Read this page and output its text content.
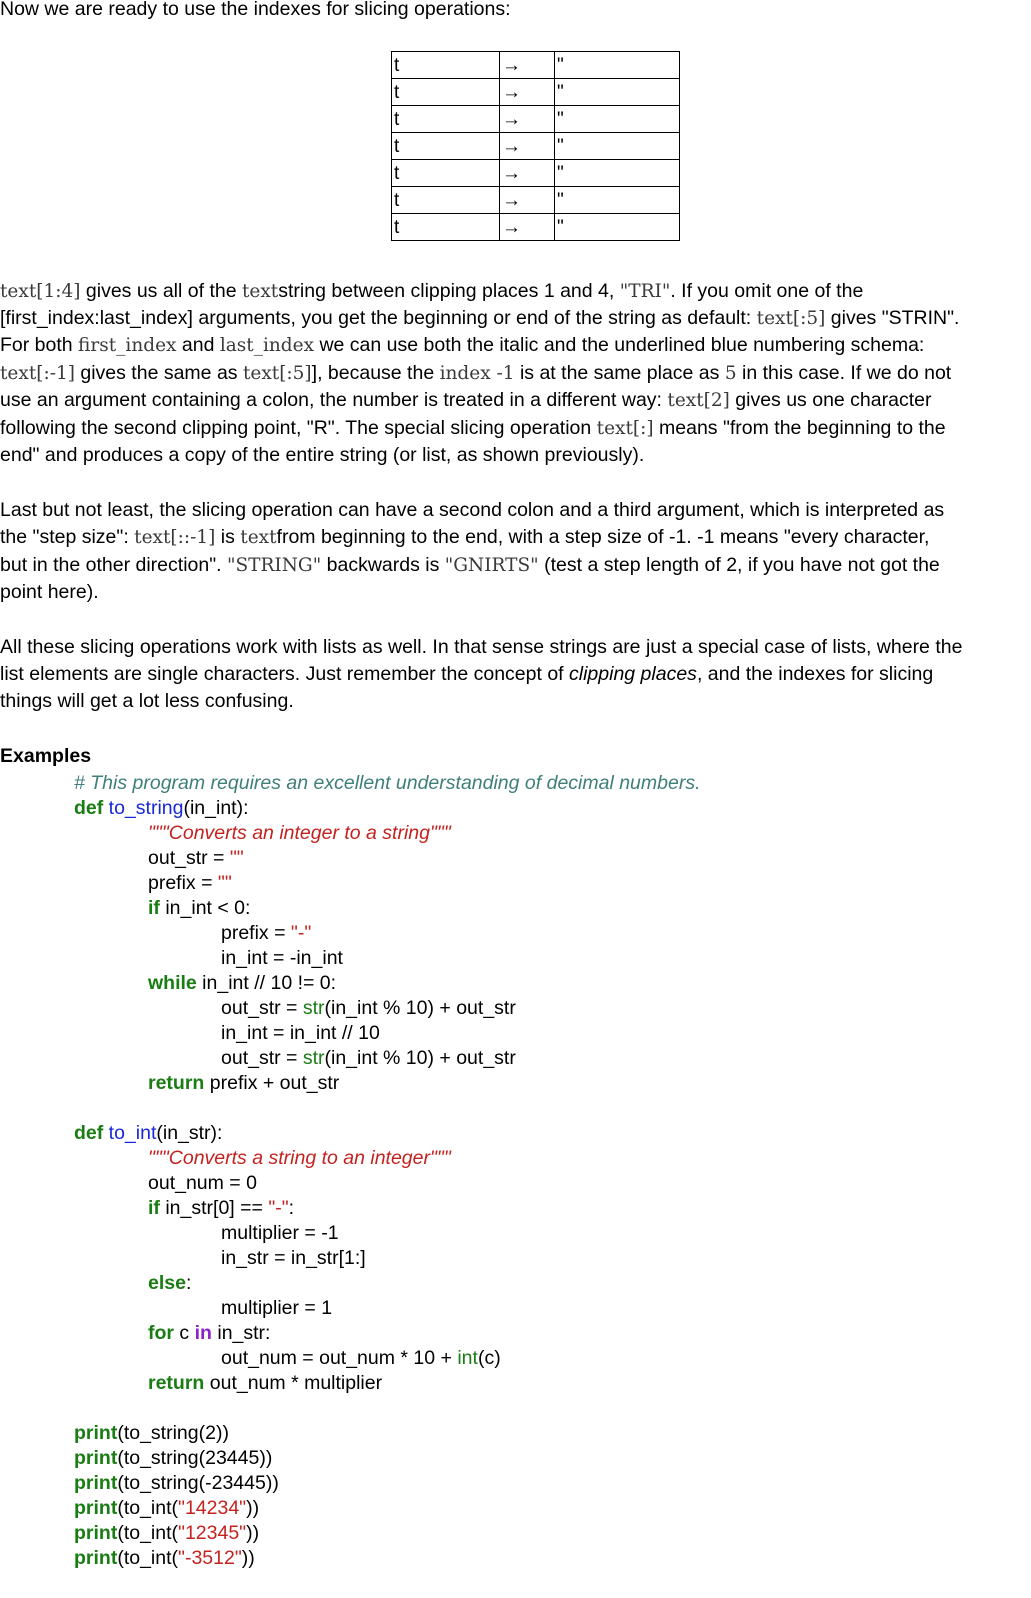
Now we are ready to use the indexes for slicing operations:
t	→	"
t	→	"
t	→	"
t	→	"
t	→	"
t	→	"
t	→	"
text[1:4] gives us all of the textstring between clipping places 1 and 4, "TRI". If you omit one of the
[first_index:last_index] arguments, you get the beginning or end of the string as default: text[:5] gives "STRIN".
For both first_index and last_index we can use both the italic and the underlined blue numbering schema:
text[:-1] gives the same as text[:5]], because the index -1 is at the same place as 5 in this case. If we do not
use an argument containing a colon, the number is treated in a different way: text[2] gives us one character
following the second clipping point, "R". The special slicing operation text[:] means "from the beginning to the
end" and produces a copy of the entire string (or list, as shown previously).
Last but not least, the slicing operation can have a second colon and a third argument, which is interpreted as
the "step size": text[::-1] is textfrom beginning to the end, with a step size of -1. -1 means "every character,
but in the other direction". "STRING" backwards is "GNIRTS" (test a step length of 2, if you have not got the
point here).
All these slicing operations work with lists as well. In that sense strings are just a special case of lists, where the
list elements are single characters. Just remember the concept of clipping places, and the indexes for slicing
things will get a lot less confusing.
Examples
# This program requires an excellent understanding of decimal numbers.
def to_string(in_int):
"""Converts an integer to a string"""
out_str = ""
prefix = ""
if in_int < 0:
prefix = "-"
in_int = -in_int
while in_int // 10 != 0:
out_str = str(in_int % 10) + out_str
in_int = in_int // 10
out_str = str(in_int % 10) + out_str
return prefix + out_str
def to_int(in_str):
"""Converts a string to an integer"""
out_num = 0
if in_str[0] == "-":
multiplier = -1
in_str = in_str[1:]
else:
multiplier = 1
for c in in_str:
out_num = out_num * 10 + int(c)
return out_num * multiplier
print(to_string(2))
print(to_string(23445))
print(to_string(-23445))
print(to_int("14234"))
print(to_int("12345"))
print(to_int("-3512"))
